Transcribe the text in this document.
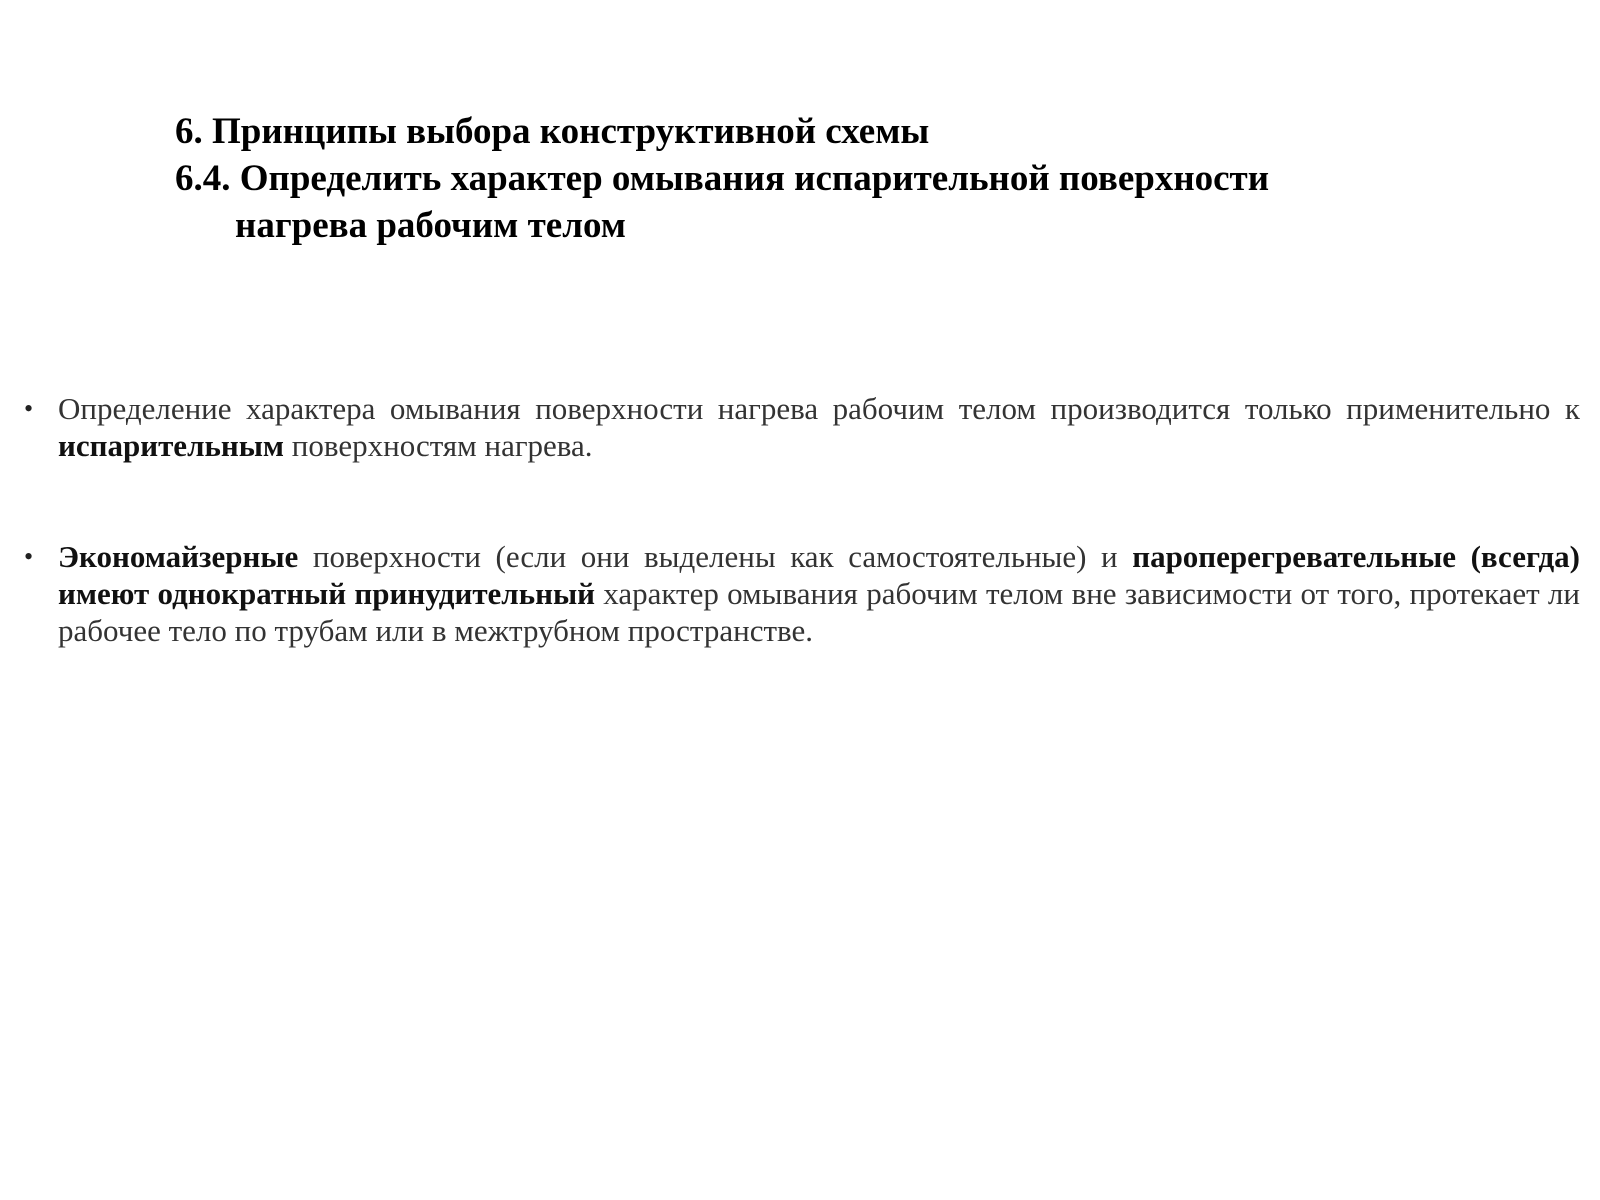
6. Принципы выбора конструктивной схемы
6.4. Определить характер омывания испарительной поверхности
нагрева рабочим телом

• Определение характера омывания поверхности нагрева рабочим телом производится только применительно к испарительным поверхностям нагрева.

• Экономайзерные поверхности (если они выделены как самостоятельные) и пароперегревательные (всегда) имеют однократный принудительный характер омывания рабочим телом вне зависимости от того, протекает ли рабочее тело по трубам или в межтрубном пространстве.
